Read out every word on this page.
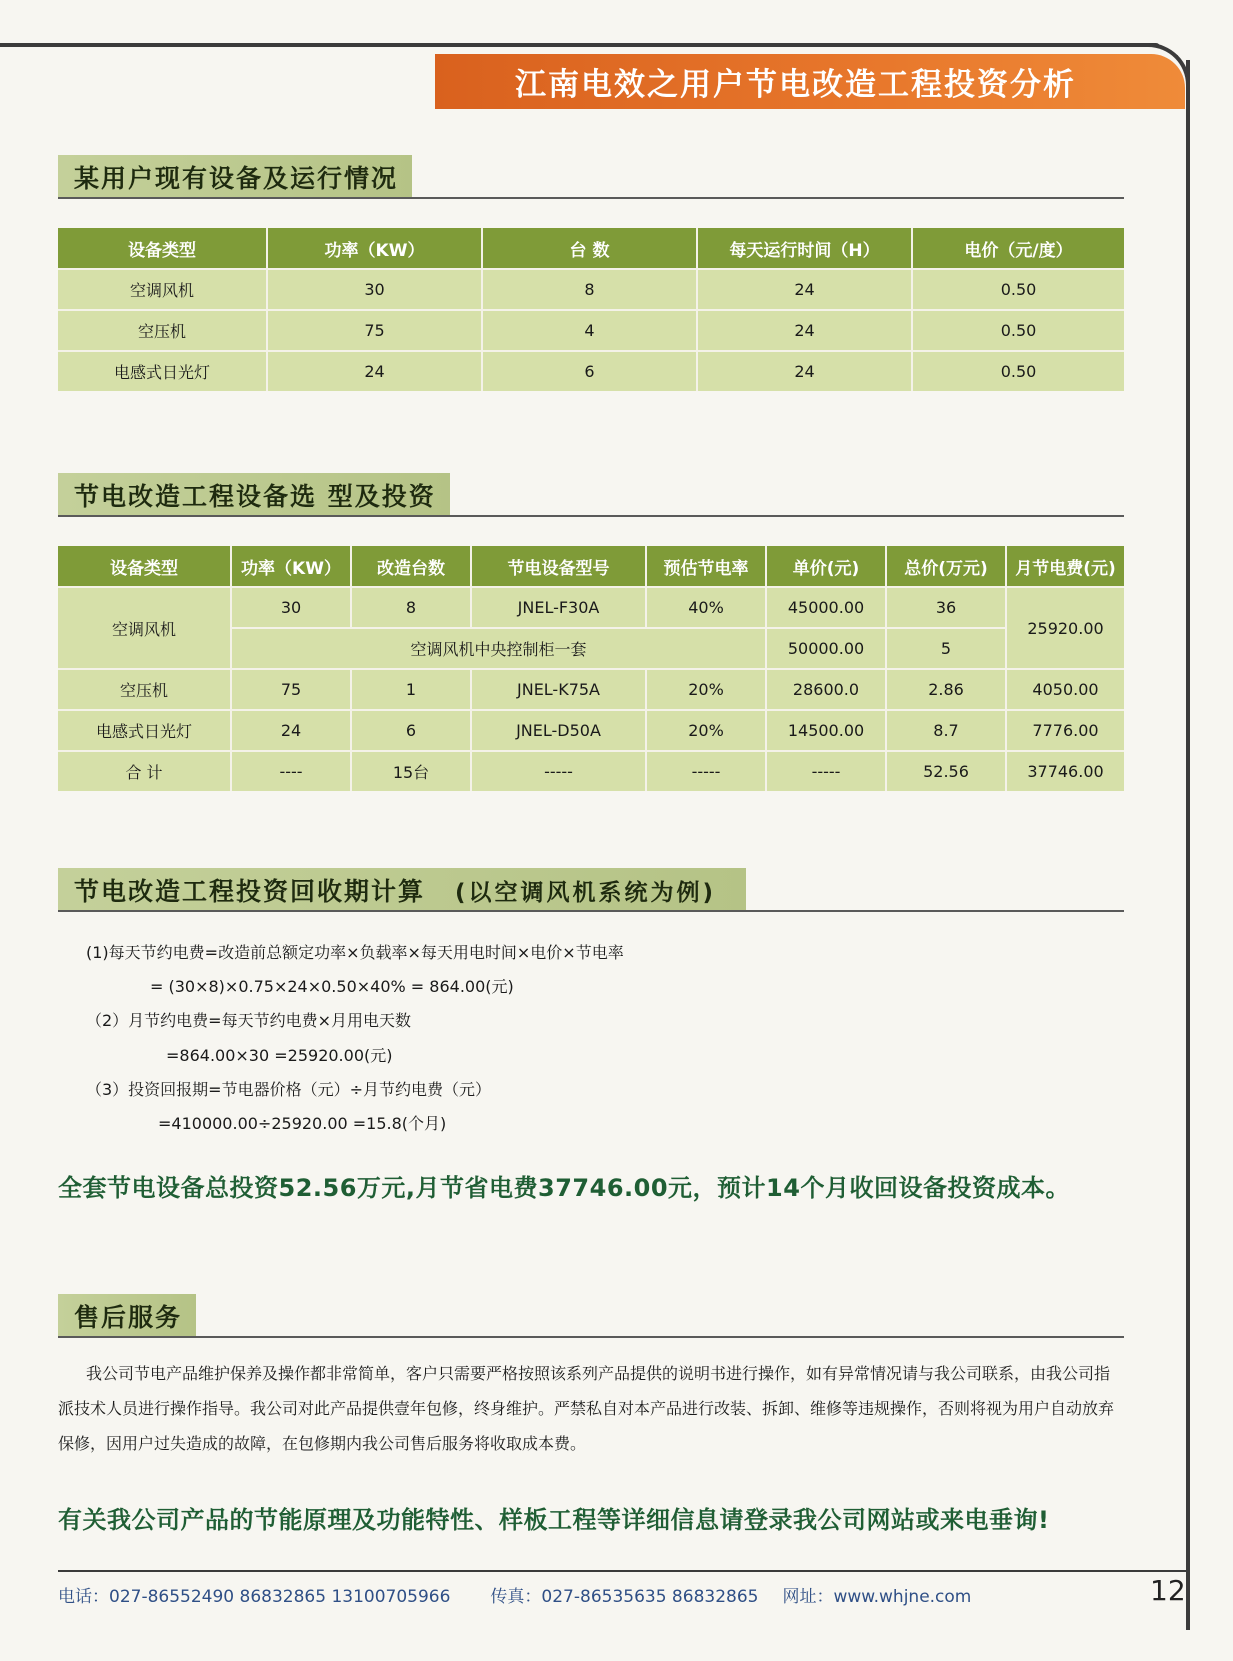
江南电效之用户节电改造工程投资分析
某用户现有设备及运行情况
设备类型	功率（KW）	台 数	每天运行时间（H）	电价（元/度）
空调风机	30	8	24	0.50
空压机	75	4	24	0.50
电感式日光灯	24	6	24	0.50
节电改造工程设备选 型及投资
设备类型	功率（KW）	改造台数	节电设备型号	预估节电率	单价(元)	总价(万元)	月节电费(元)
空调风机	30	8	JNEL-F30A	40%	45000.00	36	25920.00
	空调风机中央控制柜一套				50000.00	5	
空压机	75	1	JNEL-K75A	20%	28600.0	2.86	4050.00
电感式日光灯	24	6	JNEL-D50A	20%	14500.00	8.7	7776.00
合 计	----	15台	-----	-----	-----	52.56	37746.00
节电改造工程投资回收期计算 (以空调风机系统为例)
(1)每天节约电费=改造前总额定功率×负载率×每天用电时间×电价×节电率
= (30×8)×0.75×24×0.50×40% = 864.00(元)
（2）月节约电费=每天节约电费×月用电天数
=864.00×30 =25920.00(元)
（3）投资回报期=节电器价格（元）÷月节约电费（元）
=410000.00÷25920.00 =15.8(个月)
全套节电设备总投资52.56万元,月节省电费37746.00元，预计14个月收回设备投资成本。
售后服务
我公司节电产品维护保养及操作都非常简单，客户只需要严格按照该系列产品提供的说明书进行操作，如有异常情况请与我公司联系，由我公司指派技术人员进行操作指导。我公司对此产品提供壹年包修，终身维护。严禁私自对本产品进行改装、拆卸、维修等违规操作，否则将视为用户自动放弃保修，因用户过失造成的故障，在包修期内我公司售后服务将收取成本费。
有关我公司产品的节能原理及功能特性、样板工程等详细信息请登录我公司网站或来电垂询!
电话：027-86552490 86832865 13100705966 传真：027-86535635 86832865 网址：www.whjne.com	12
